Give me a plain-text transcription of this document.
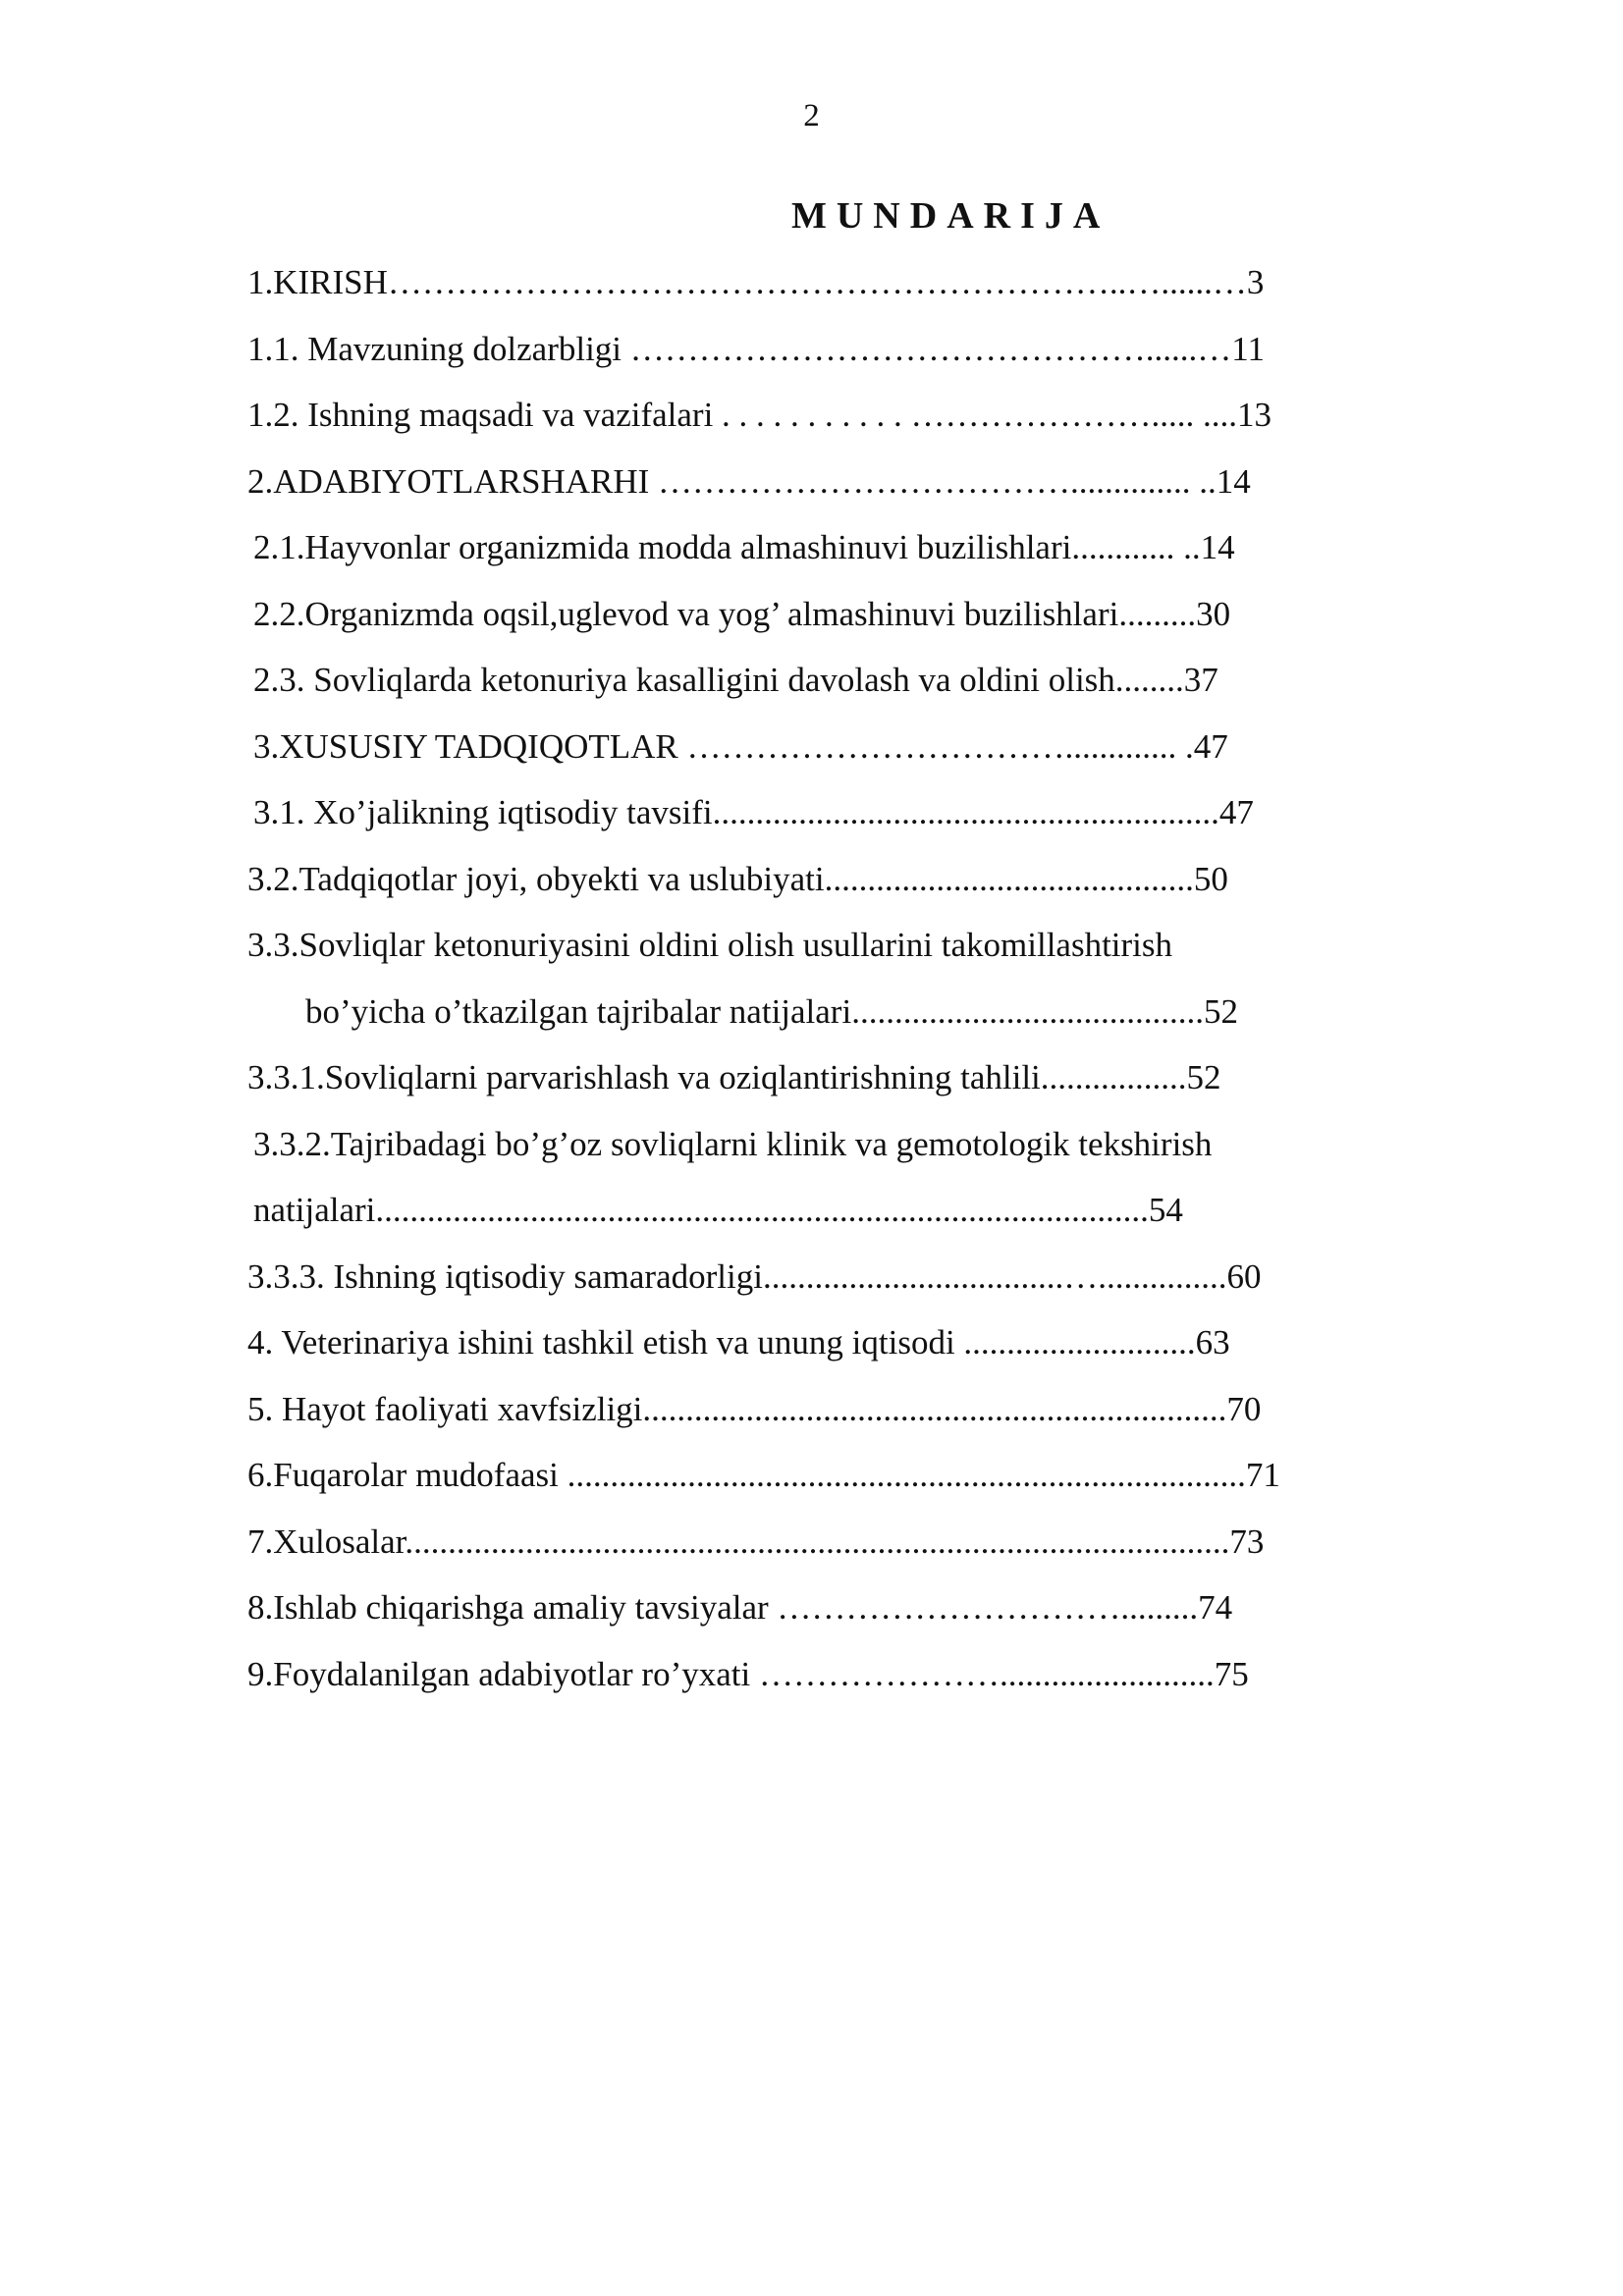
2
MUNDARIJA
1.KIRISH………………………………………………………..…......…3
1.1. Mavzuning dolzarbligi ………………………………………......…11
1.2. Ishning maqsadi va vazifalari . . . . . . . . . . . …………………..... ....13
2.ADABIYOTLARSHARHI ……………………………….............. ..14
2.1.Hayvonlar organizmida modda almashinuvi buzilishlari............ ..14
2.2.Organizmda oqsil,uglevod va yog’ almashinuvi buzilishlari.........30
2.3. Sovliqlarda ketonuriya kasalligini davolash va oldini olish........37
3.XUSUSIY TADQIQOTLAR ……………………………............. .47
3.1. Xo’jalikning iqtisodiy tavsifi...........................................................47
3.2.Tadqiqotlar joyi, obyekti va uslubiyati...........................................50
3.3.Sovliqlar ketonuriyasini oldini olish usullarini takomillashtirish
bo’yicha o’tkazilgan tajribalar natijalari.........................................52
3.3.1.Sovliqlarni parvarishlash va oziqlantirishning tahlili.................52
3.3.2.Tajribadagi bo’g’oz sovliqlarni klinik va gemotologik tekshirish
natijalari..........................................................................................54
3.3.3. Ishning iqtisodiy samaradorligi...................................…...............60
4. Veterinariya ishini tashkil etish va unung iqtisodi ...........................63
5. Hayot faoliyati xavfsizligi....................................................................70
6.Fuqarolar mudofaasi ...............................................................................71
7.Xulosalar................................................................................................73
8.Ishlab chiqarishga amaliy tavsiyalar ………………………….........74
9.Foydalanilgan adabiyotlar ro’yxati ………………….........................75
